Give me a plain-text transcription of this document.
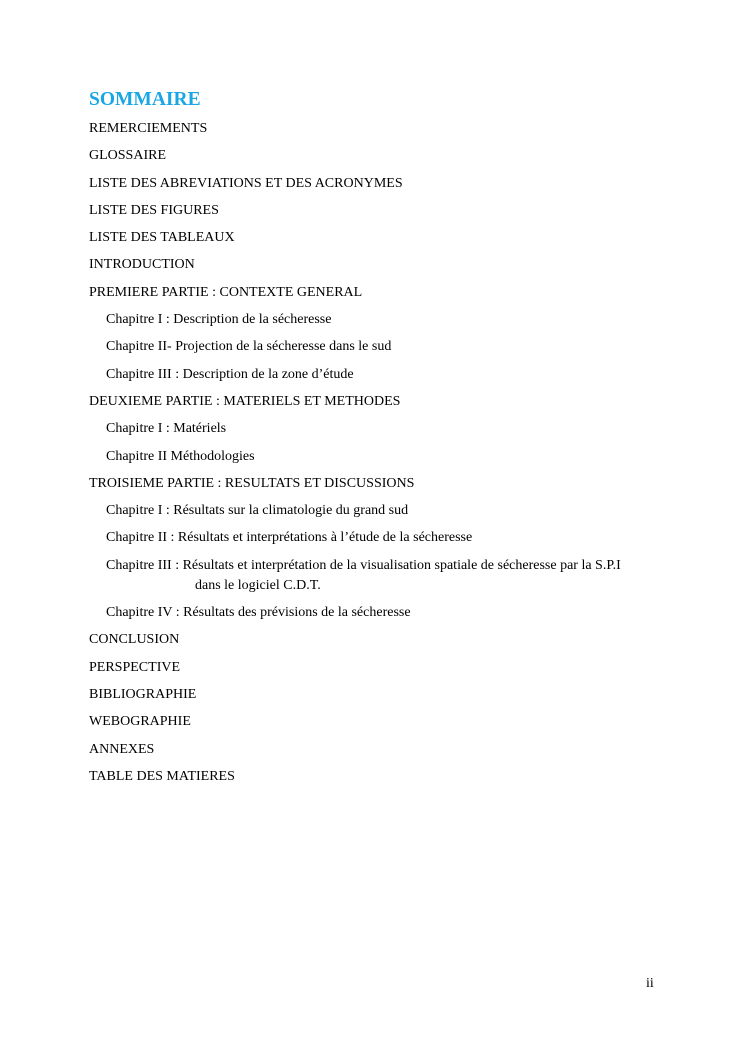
SOMMAIRE
REMERCIEMENTS
GLOSSAIRE
LISTE DES ABREVIATIONS ET DES ACRONYMES
LISTE DES FIGURES
LISTE DES TABLEAUX
INTRODUCTION
PREMIERE PARTIE : CONTEXTE GENERAL
Chapitre I : Description de la sécheresse
Chapitre II- Projection de la sécheresse dans le sud
Chapitre III : Description de la zone d’étude
DEUXIEME PARTIE : MATERIELS ET METHODES
Chapitre I : Matériels
Chapitre II Méthodologies
TROISIEME PARTIE : RESULTATS ET DISCUSSIONS
Chapitre I : Résultats sur la climatologie du grand sud
Chapitre II : Résultats et interprétations à l’étude de la sécheresse
Chapitre III : Résultats et interprétation de la visualisation spatiale de sécheresse par la S.P.I
dans le logiciel C.D.T.
Chapitre IV : Résultats des prévisions de la sécheresse
CONCLUSION
PERSPECTIVE
BIBLIOGRAPHIE
WEBOGRAPHIE
ANNEXES
TABLE DES MATIERES
ii
